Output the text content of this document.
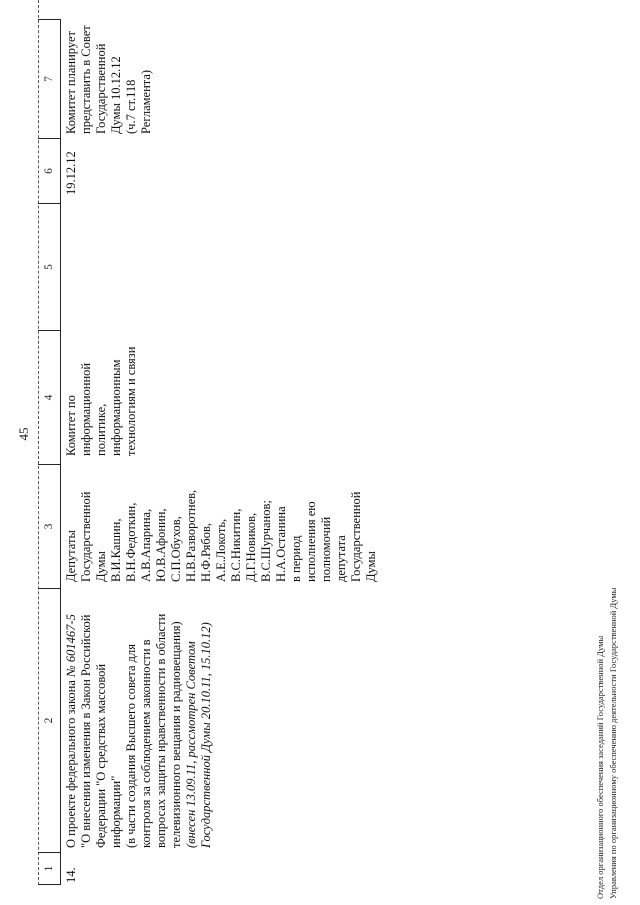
45
1
2
3
4
5
6
7
14.
О проекте федерального закона № 601467-5 "О внесении изменения в Закон Российской Федерации "О средствах массовой информации" (в части создания Высшего совета для контроля за соблюдением законности в вопросах защиты нравственности в области телевизионного вещания и радиовещания) (внесен 13.09.11, рассмотрен Советом Государственной Думы 20.10.11, 15.10.12)
Депутаты Государственной Думы В.И.Кашин, В.Н.Федоткин, А.В.Апарина, Ю.В.Афонин, С.П.Обухов, Н.В.Разворотнев, Н.Ф.Рябов, А.Е.Локоть, В.С.Никитин, Д.Г.Новиков, В.С.Шурчанов; Н.А.Останина в период исполнения ею полномочий депутата Государственной Думы
Комитет по информационной политике, информационным технологиям и связи
19.12.12
Комитет планирует представить в Совет Государственной Думы 10.12.12 (ч.7 ст.118 Регламента)
Отдел организационного обеспечения заседаний Государственной Думы Управления по организационному обеспечению деятельности Государственной Думы
